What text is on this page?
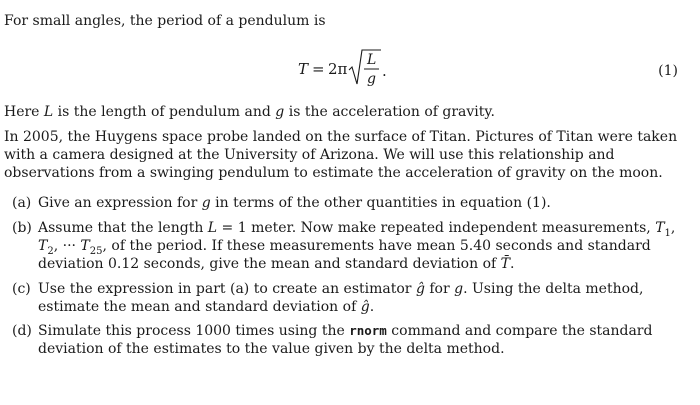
For small angles, the period of a pendulum is
T = 2π L
g .	(1)
Here L is the length of pendulum and g is the acceleration of gravity.
In 2005, the Huygens space probe landed on the surface of Titan. Pictures of Titan were taken with a camera designed at the University of Arizona. We will use this relationship and observations from a swinging pendulum to estimate the acceleration of gravity on the moon.
(a) Give an expression for g in terms of the other quantities in equation (1).
(b) Assume that the length L = 1 meter. Now make repeated independent measurements, $T_1$, $T_2$, ··· $T_{25}$, of the period. If these measurements have mean 5.40 seconds and standard deviation 0.12 seconds, give the mean and standard deviation of T̄.
(c) Use the expression in part (a) to create an estimator ĝ for g. Using the delta method, estimate the mean and standard deviation of ĝ.
(d) Simulate this process 1000 times using the rnorm command and compare the standard deviation of the estimates to the value given by the delta method.
